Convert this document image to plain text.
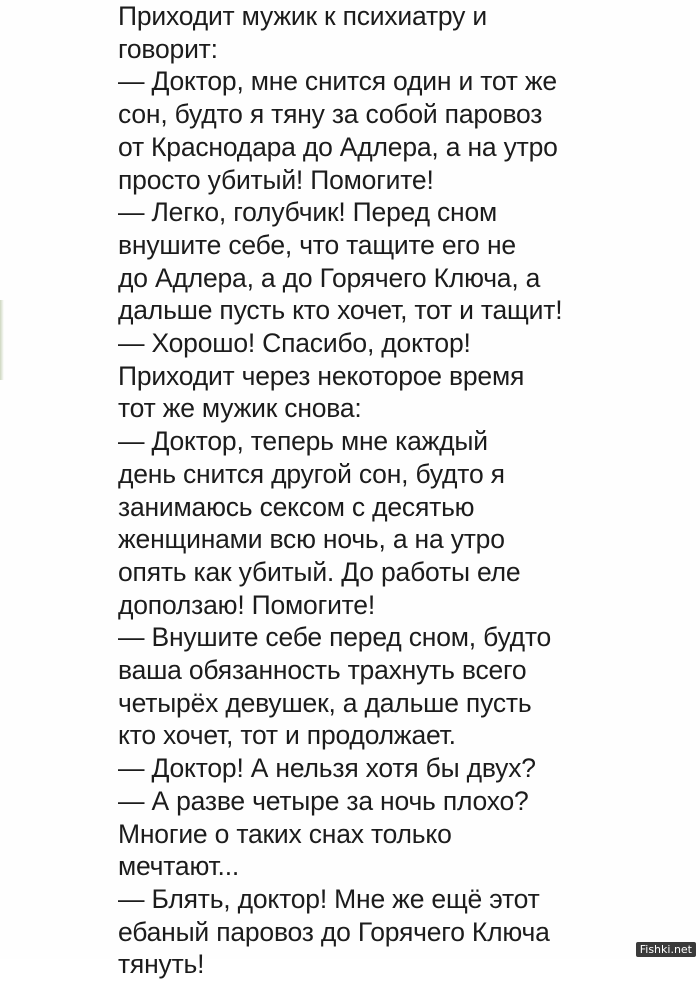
Приходит мужик к психиатру и
говорит:
— Доктор, мне снится один и тот же
сон, будто я тяну за собой паровоз
от Краснодара до Адлера, а на утро
просто убитый! Помогите!
— Легко, голубчик! Перед сном
внушите себе, что тащите его не
до Адлера, а до Горячего Ключа, а
дальше пусть кто хочет, тот и тащит!
— Хорошо! Спасибо, доктор!
Приходит через некоторое время
тот же мужик снова:
— Доктор, теперь мне каждый
день снится другой сон, будто я
занимаюсь сексом с десятью
женщинами всю ночь, а на утро
опять как убитый. До работы еле
доползаю! Помогите!
— Внушите себе перед сном, будто
ваша обязанность трахнуть всего
четырёх девушек, а дальше пусть
кто хочет, тот и продолжает.
— Доктор! А нельзя хотя бы двух?
— А разве четыре за ночь плохо?
Многие о таких снах только
мечтают...
— Блять, доктор! Мне же ещё этот
ебаный паровоз до Горячего Ключа
тянуть!	Fishki.net
